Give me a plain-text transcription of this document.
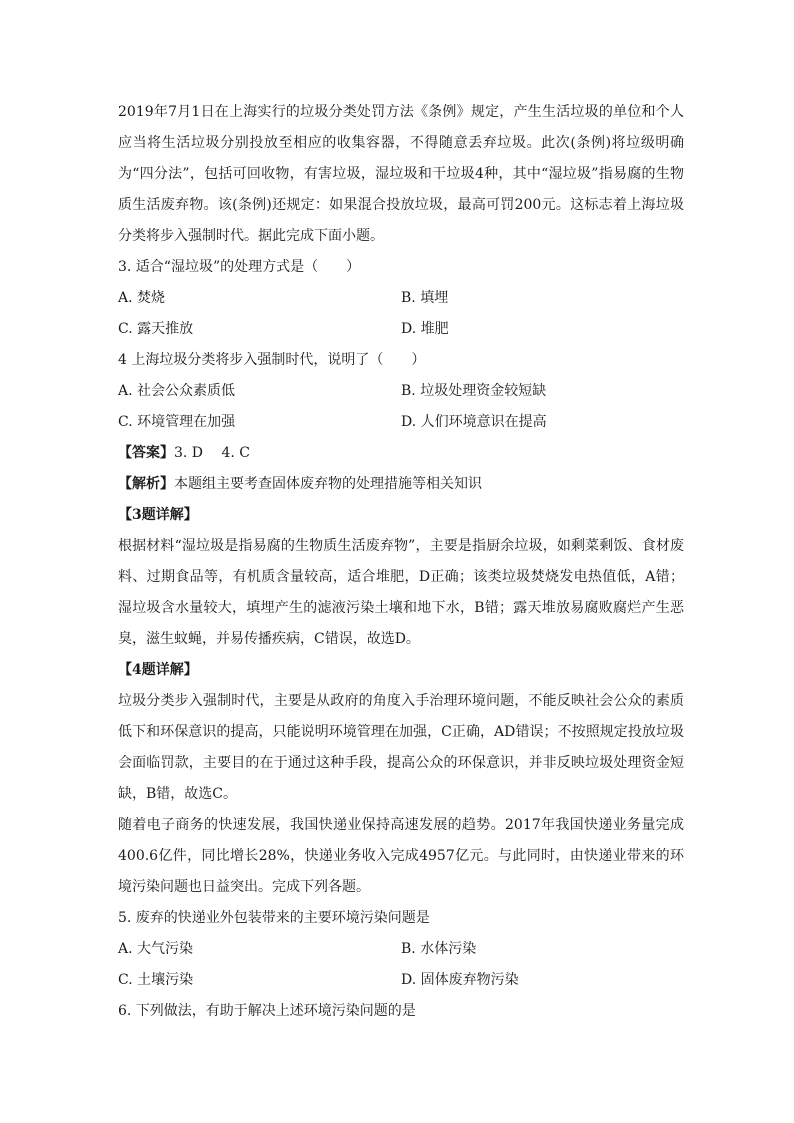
2019年7月1日在上海实行的垃圾分类处罚方法《条例》规定，产生生活垃圾的单位和个人应当将生活垃圾分别投放至相应的收集容器，不得随意丢弃垃圾。此次(条例)将垃级明确为“四分法”，包括可回收物，有害垃圾，湿垃圾和干垃圾4种，其中“湿垃圾”指易腐的生物质生活废弃物。该(条例)还规定：如果混合投放垃圾，最高可罚200元。这标志着上海垃圾分类将步入强制时代。据此完成下面小题。

3. 适合“湿垃圾”的处理方式是（　　）

A. 焚烧	B. 填埋
C. 露天推放	D. 堆肥

4 上海垃圾分类将步入强制时代，说明了（　　）

A. 社会公众素质低	B. 垃圾处理资金较短缺
C. 环境管理在加强	D. 人们环境意识在提高

【答案】3. D　 4. C

【解析】本题组主要考查固体废弃物的处理措施等相关知识

【3题详解】

根据材料“湿垃圾是指易腐的生物质生活废弃物”，主要是指厨余垃圾，如剩菜剩饭、食材废料、过期食品等，有机质含量较高，适合堆肥，D正确；该类垃圾焚烧发电热值低，A错；湿垃圾含水量较大，填埋产生的滤液污染土壤和地下水，B错；露天堆放易腐败腐烂产生恶臭，滋生蚊蝇，并易传播疾病，C错误，故选D。

【4题详解】

垃圾分类步入强制时代，主要是从政府的角度入手治理环境问题，不能反映社会公众的素质低下和环保意识的提高，只能说明环境管理在加强，C正确，AD错误；不按照规定投放垃圾会面临罚款，主要目的在于通过这种手段，提高公众的环保意识，并非反映垃圾处理资金短缺，B错，故选C。

随着电子商务的快速发展，我国快递业保持高速发展的趋势。2017年我国快递业务量完成400.6亿件，同比增长28%，快递业务收入完成4957亿元。与此同时，由快递业带来的环境污染问题也日益突出。完成下列各题。

5. 废弃的快递业外包装带来的主要环境污染问题是

A. 大气污染	B. 水体污染
C. 土壤污染	D. 固体废弃物污染

6. 下列做法，有助于解决上述环境污染问题的是
